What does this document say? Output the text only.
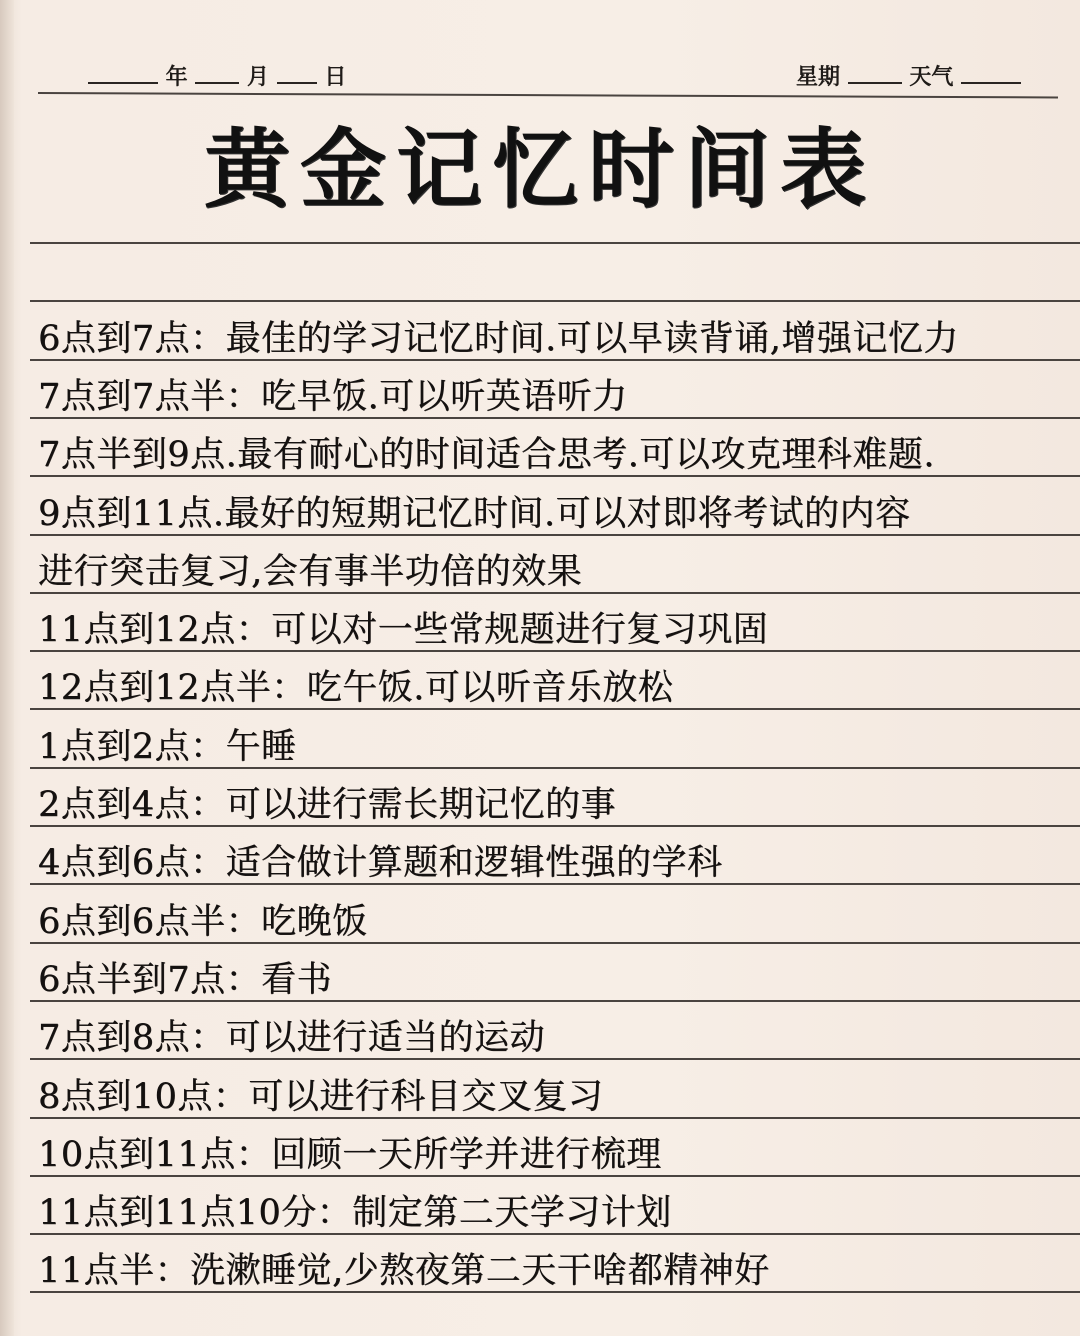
年	月	日	星期	天气
黄金记忆时间表
6点到7点：最佳的学习记忆时间.可以早读背诵,增强记忆力
7点到7点半：吃早饭.可以听英语听力
7点半到9点.最有耐心的时间适合思考.可以攻克理科难题.
9点到11点.最好的短期记忆时间.可以对即将考试的内容
进行突击复习,会有事半功倍的效果
11点到12点：可以对一些常规题进行复习巩固
12点到12点半：吃午饭.可以听音乐放松
1点到2点：午睡
2点到4点：可以进行需长期记忆的事
4点到6点：适合做计算题和逻辑性强的学科
6点到6点半：吃晚饭
6点半到7点：看书
7点到8点：可以进行适当的运动
8点到10点：可以进行科目交叉复习
10点到11点：回顾一天所学并进行梳理
11点到11点10分：制定第二天学习计划
11点半：洗漱睡觉,少熬夜第二天干啥都精神好
